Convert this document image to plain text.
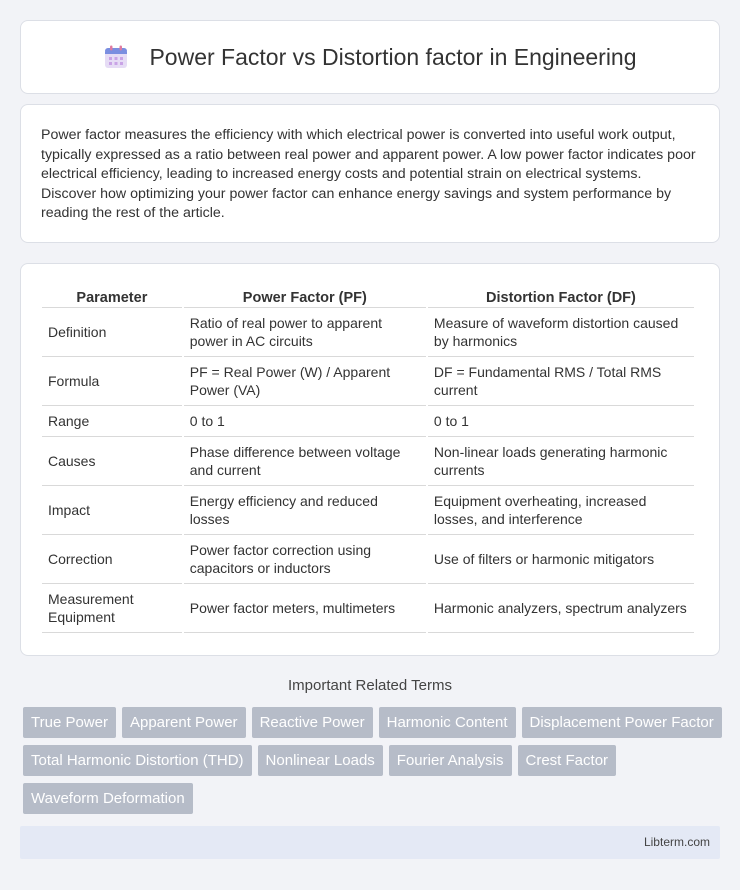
Power Factor vs Distortion factor in Engineering

Power factor measures the efficiency with which electrical power is converted into useful work output, typically expressed as a ratio between real power and apparent power. A low power factor indicates poor electrical efficiency, leading to increased energy costs and potential strain on electrical systems. Discover how optimizing your power factor can enhance energy savings and system performance by reading the rest of the article.

Parameter	Power Factor (PF)	Distortion Factor (DF)
Definition	Ratio of real power to apparent power in AC circuits	Measure of waveform distortion caused by harmonics
Formula	PF = Real Power (W) / Apparent Power (VA)	DF = Fundamental RMS / Total RMS current
Range	0 to 1	0 to 1
Causes	Phase difference between voltage and current	Non-linear loads generating harmonic currents
Impact	Energy efficiency and reduced losses	Equipment overheating, increased losses, and interference
Correction	Power factor correction using capacitors or inductors	Use of filters or harmonic mitigators
Measurement Equipment	Power factor meters, multimeters	Harmonic analyzers, spectrum analyzers
Important Related Terms
True Power	Apparent Power	Reactive Power	Harmonic Content	Displacement Power Factor
Total Harmonic Distortion (THD)	Nonlinear Loads	Fourier Analysis	Crest Factor
Waveform Deformation
Libterm.com
